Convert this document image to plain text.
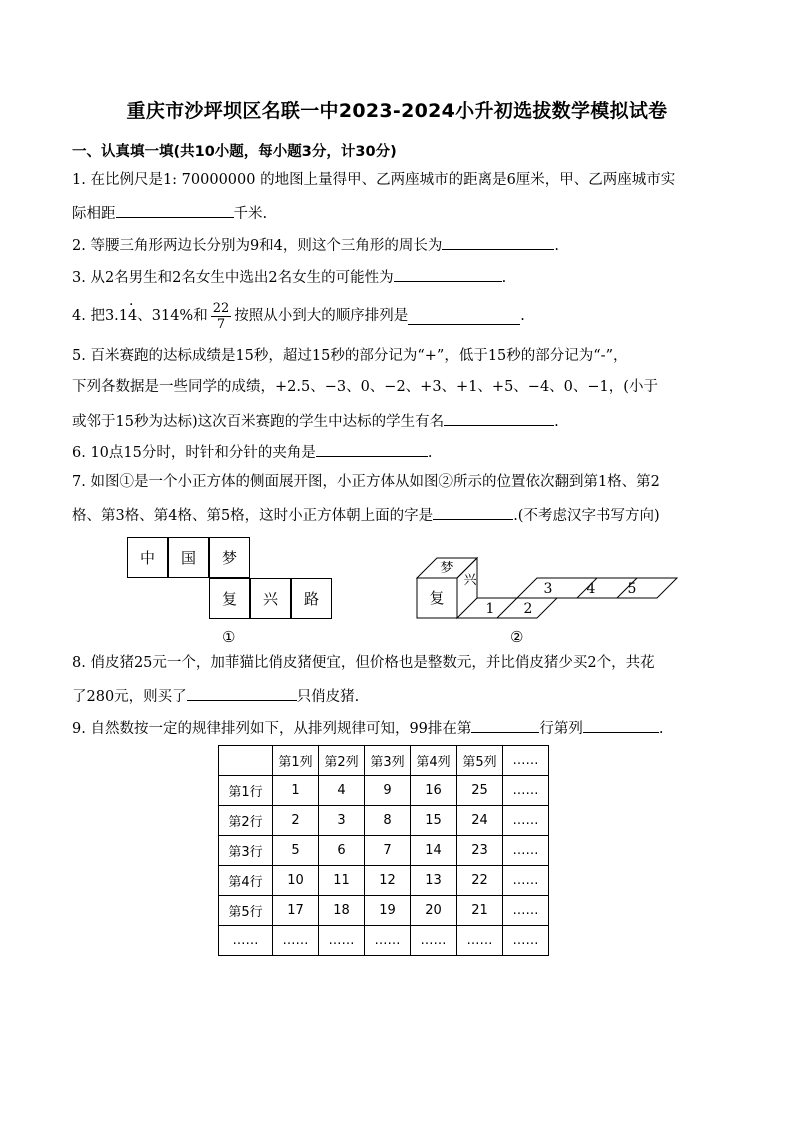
重庆市沙坪坝区名联一中2023-2024小升初选拔数学模拟试卷
一、认真填一填(共10小题，每小题3分，计30分)
1. 在比例尺是1: 70000000 的地图上量得甲、乙两座城市的距离是6厘米，甲、乙两座城市实
际相距	千米.
2. 等腰三角形两边长分别为9和4，则这个三角形的周长为	.
3. 从2名男生和2名女生中选出2名女生的可能性为	.
4. 把3.1 4 · 、314%和 $\frac{22}{7}$ 按照从小到大的顺序排列是	.
5. 百米赛跑的达标成绩是15秒，超过15秒的部分记为“+”，低于15秒的部分记为“-”，
下列各数据是一些同学的成绩，+2.5、−3、0、−2、+3、+1、+5、−4、0、−1，(小于
或邻于15秒为达标)这次百米赛跑的学生中达标的学生有名	.
6. 10点15分时，时针和分针的夹角是	.
7. 如图①是一个小正方体的侧面展开图，小正方体从如图②所示的位置依次翻到第1格、第2
格、第3格、第4格、第5格，这时小正方体朝上面的字是	.(不考虑汉字书写方向)
中	国	梦
复	兴	路
①
梦
复
兴
1 2
3 4 5
②
8. 俏皮猪25元一个，加菲猫比俏皮猪便宜，但价格也是整数元，并比俏皮猪少买2个，共花
了280元，则买了	只俏皮猪.
9. 自然数按一定的规律排列如下，从排列规律可知，99排在第	行第列	.
	第1列	第2列	第3列	第4列	第5列	……
第1行	1	4	9	16	25	……
第2行	2	3	8	15	24	……
第3行	5	6	7	14	23	……
第4行	10	11	12	13	22	……
第5行	17	18	19	20	21	……
……	……	……	……	……	……	……
